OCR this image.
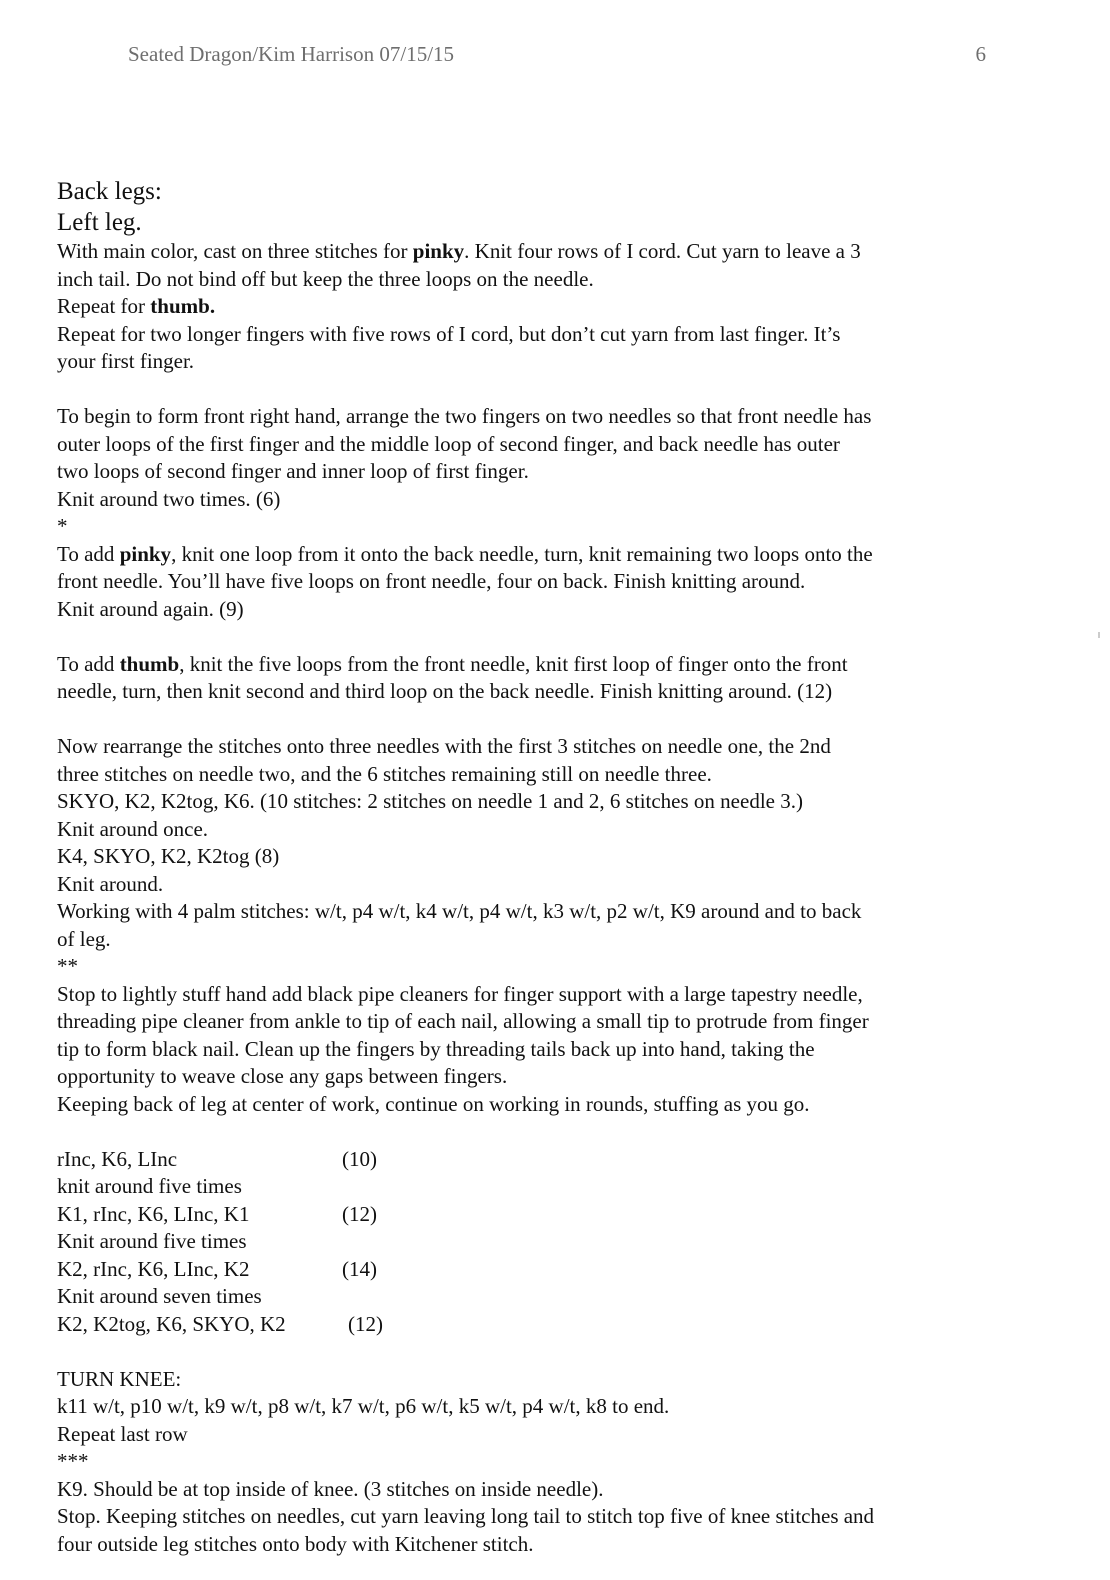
Seated Dragon/Kim Harrison 07/15/15	6
Back legs:
Left leg.

With main color, cast on three stitches for pinky. Knit four rows of I cord. Cut yarn to leave a 3

inch tail. Do not bind off but keep the three loops on the needle.

Repeat for thumb.

Repeat for two longer fingers with five rows of I cord, but don’t cut yarn from last finger. It’s

your first finger.

To begin to form front right hand, arrange the two fingers on two needles so that front needle has

outer loops of the first finger and the middle loop of second finger, and back needle has outer

two loops of second finger and inner loop of first finger.

Knit around two times. (6)

*

To add pinky, knit one loop from it onto the back needle, turn, knit remaining two loops onto the

front needle. You’ll have five loops on front needle, four on back. Finish knitting around.

Knit around again. (9)

To add thumb, knit the five loops from the front needle, knit first loop of finger onto the front

needle, turn, then knit second and third loop on the back needle. Finish knitting around. (12)

Now rearrange the stitches onto three needles with the first 3 stitches on needle one, the 2nd

three stitches on needle two, and the 6 stitches remaining still on needle three.

SKYO, K2, K2tog, K6. (10 stitches: 2 stitches on needle 1 and 2, 6 stitches on needle 3.)

Knit around once.

K4, SKYO, K2, K2tog (8)

Knit around.

Working with 4 palm stitches: w/t, p4 w/t, k4 w/t, p4 w/t, k3 w/t, p2 w/t, K9 around and to back

of leg.

**

Stop to lightly stuff hand add black pipe cleaners for finger support with a large tapestry needle,

threading pipe cleaner from ankle to tip of each nail, allowing a small tip to protrude from finger

tip to form black nail. Clean up the fingers by threading tails back up into hand, taking the

opportunity to weave close any gaps between fingers.

Keeping back of leg at center of work, continue on working in rounds, stuffing as you go.

rInc, K6, LInc	(10)
knit around five times
K1, rInc, K6, LInc, K1	(12)
Knit around five times
K2, rInc, K6, LInc, K2	(14)
Knit around seven times
K2, K2tog, K6, SKYO, K2	(12)

TURN KNEE:

k11 w/t, p10 w/t, k9 w/t, p8 w/t, k7 w/t, p6 w/t, k5 w/t, p4 w/t, k8 to end.

Repeat last row

***

K9. Should be at top inside of knee. (3 stitches on inside needle).

Stop. Keeping stitches on needles, cut yarn leaving long tail to stitch top five of knee stitches and

four outside leg stitches onto body with Kitchener stitch.
